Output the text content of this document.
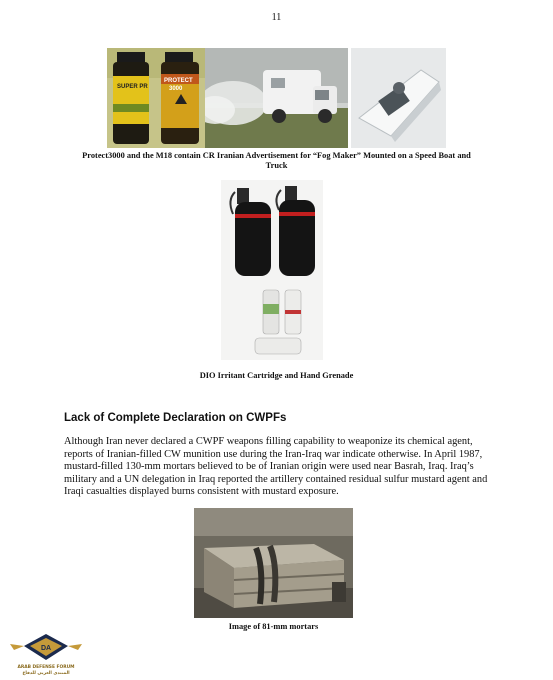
11
SUPER PR
PROTECT
3000
Protect3000 and the M18 contain CR Iranian Advertisement for “Fog Maker” Mounted on a Speed Boat and
Truck
DIO Irritant Cartridge and Hand Grenade
Lack of Complete Declaration on CWPFs

Although Iran never declared a CWPF weapons filling capability to weaponize its chemical agent, reports of Iranian-filled CW munition use during the Iran-Iraq war indicate otherwise. In April 1987, mustard-filled 130-mm mortars believed to be of Iranian origin were used near Basrah, Iraq. Iraq’s military and a UN delegation in Iraq reported the artillery contained residual sulfur mustard agent and Iraqi casualties displayed burns consistent with mustard exposure.

Image of 81-mm mortars
DA
ARAB DEFENSE FORUM
المنتدى العربي للدفاع
